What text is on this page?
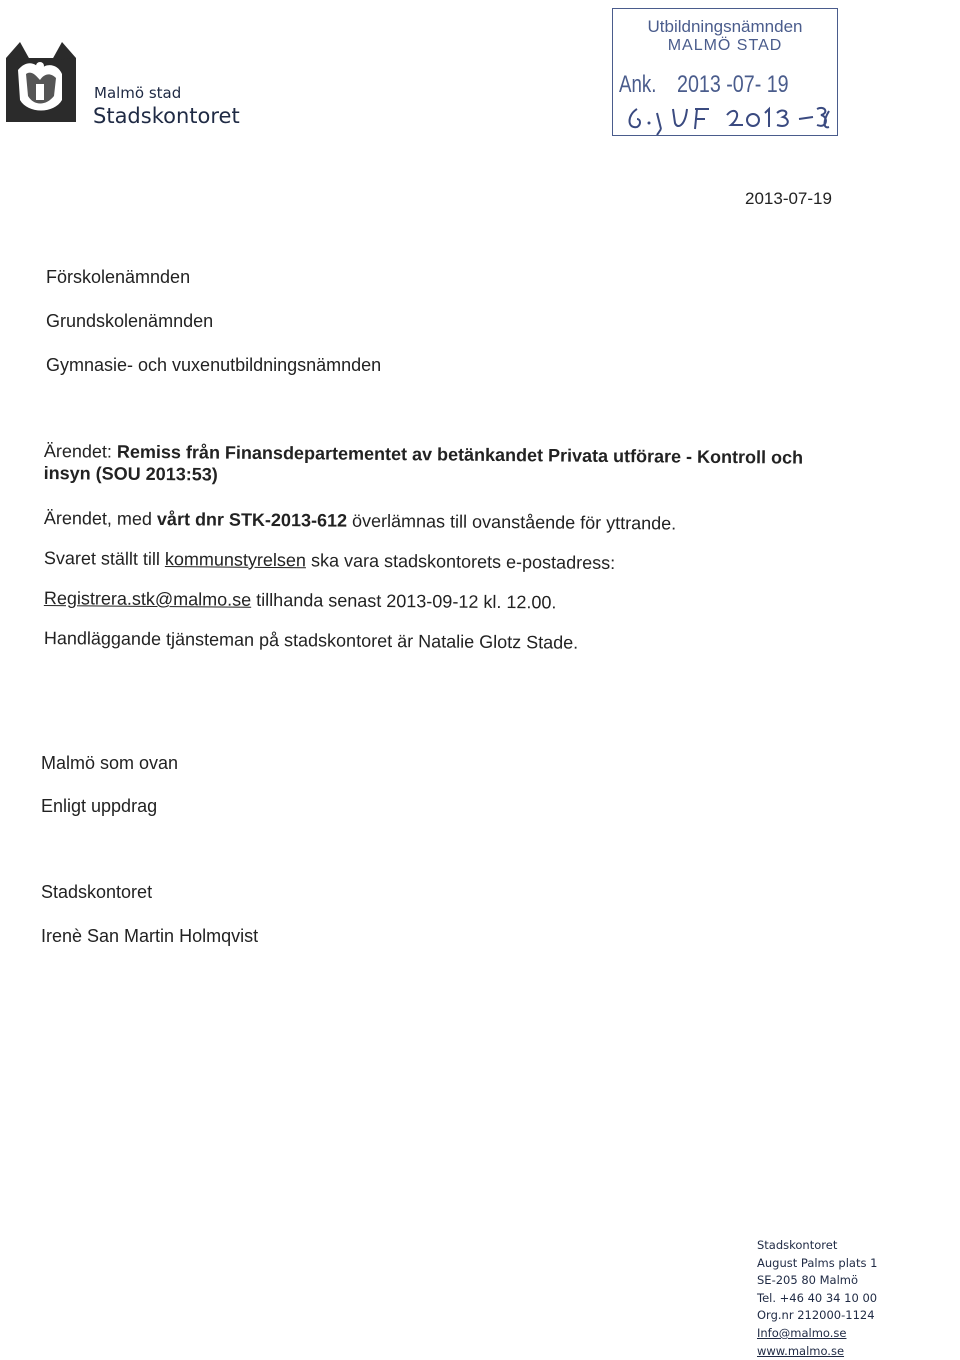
Malmö stad
Stadskontoret
Utbildningsnämnden
MALMÖ STAD
Ank. 2013 -07- 19
2013-07-19
Förskolenämnden
Grundskolenämnden
Gymnasie- och vuxenutbildningsnämnden
Ärendet: Remiss från Finansdepartementet av betänkandet Privata utförare - Kontroll och insyn (SOU 2013:53)
Ärendet, med vårt dnr STK-2013-612 överlämnas till ovanstående för yttrande.
Svaret ställt till kommunstyrelsen ska vara stadskontorets e-postadress:
Registrera.stk@malmo.se tillhanda senast 2013-09-12 kl. 12.00.
Handläggande tjänsteman på stadskontoret är Natalie Glotz Stade.
Malmö som ovan
Enligt uppdrag
Stadskontoret
Irenè San Martin Holmqvist
Stadskontoret
August Palms plats 1
SE-205 80 Malmö
Tel. +46 40 34 10 00
Org.nr 212000-1124
Info@malmo.se
www.malmo.se
